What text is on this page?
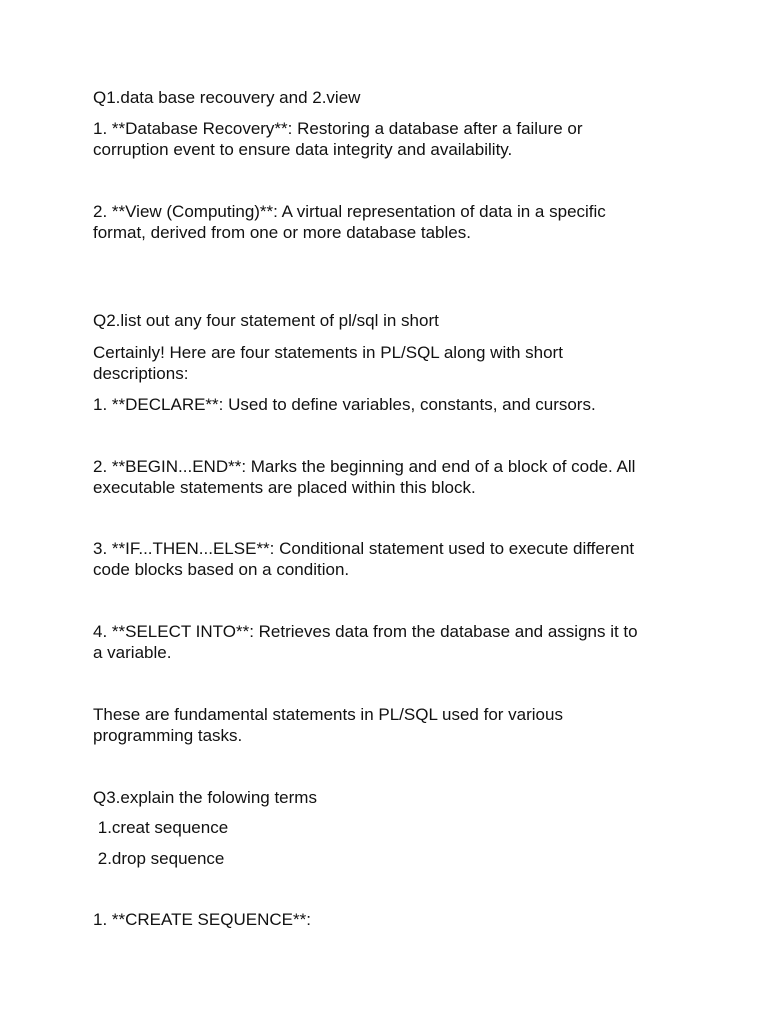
Q1.data base recouvery and 2.view

1. **Database Recovery**: Restoring a database after a failure or

corruption event to ensure data integrity and availability.

2. **View (Computing)**: A virtual representation of data in a specific

format, derived from one or more database tables.

Q2.list out any four statement of pl/sql in short

Certainly! Here are four statements in PL/SQL along with short

descriptions:

1. **DECLARE**: Used to define variables, constants, and cursors.

2. **BEGIN...END**: Marks the beginning and end of a block of code. All

executable statements are placed within this block.

3. **IF...THEN...ELSE**: Conditional statement used to execute different

code blocks based on a condition.

4. **SELECT INTO**: Retrieves data from the database and assigns it to

a variable.

These are fundamental statements in PL/SQL used for various

programming tasks.

Q3.explain the folowing terms

1.creat sequence

2.drop sequence

1. **CREATE SEQUENCE**:
